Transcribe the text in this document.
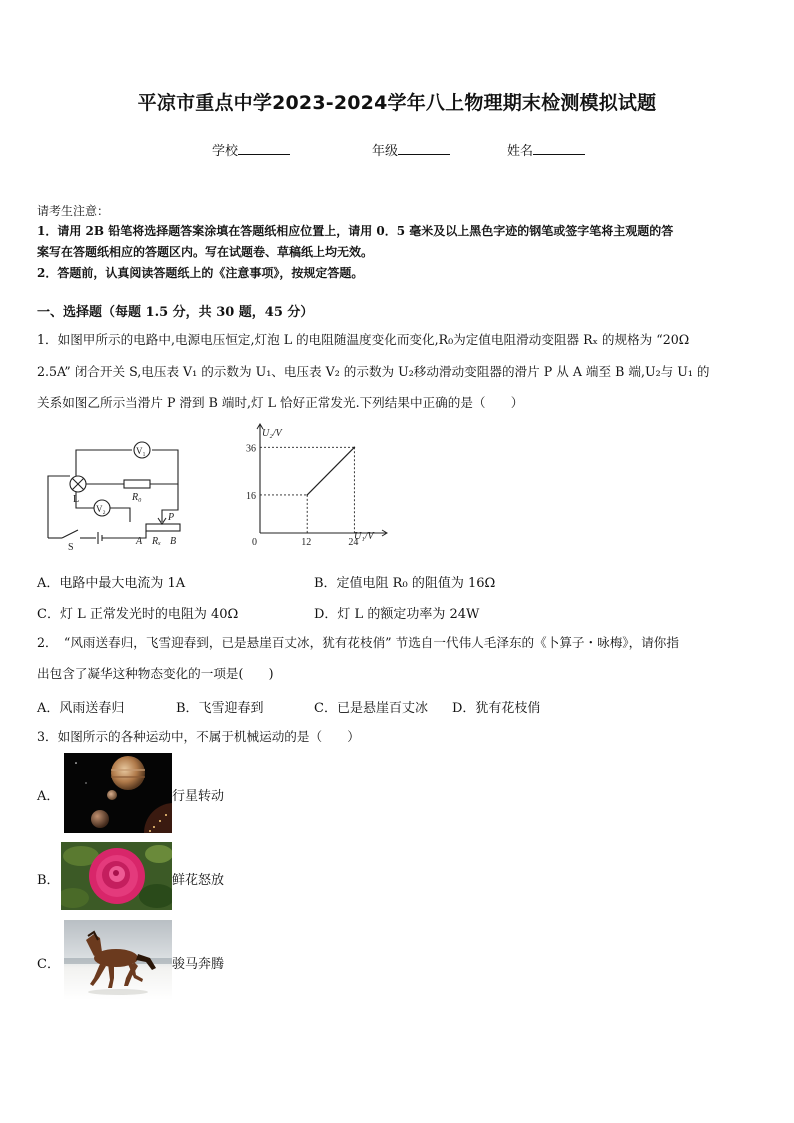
平凉市重点中学2023-2024学年八上物理期末检测模拟试题
学校	年级	姓名
请考生注意：
1．请用 2B 铅笔将选择题答案涂填在答题纸相应位置上，请用 0．5 毫米及以上黑色字迹的钢笔或签字笔将主观题的答
案写在答题纸相应的答题区内。写在试题卷、草稿纸上均无效。
2．答题前，认真阅读答题纸上的《注意事项》，按规定答题。
一、选择题（每题 1.5 分，共 30 题，45 分）
1．如图甲所示的电路中,电源电压恒定,灯泡 L 的电阻随温度变化而变化,R₀为定值电阻滑动变阻器 Rₓ 的规格为 “20Ω
2.5A” 闭合开关 S,电压表 V₁ 的示数为 U₁、电压表 V₂ 的示数为 U₂移动滑动变阻器的滑片 P 从 A 端至 B 端,U₂与 U₁ 的
关系如图乙所示当滑片 P 滑到 B 端时,灯 L 恰好正常发光.下列结果中正确的是（　　）
V₁
L	R₀
V₂
P
S
A Rₓ B	0	12	24
16
36
U₂/V
U₁/V
A．电路中最大电流为 1A	B．定值电阻 R₀ 的阻值为 16Ω
C．灯 L 正常发光时的电阻为 40Ω	D．灯 L 的额定功率为 24W
2．　“风雨送春归，飞雪迎春到，已是悬崖百丈冰，犹有花枝俏” 节选自一代伟人毛泽东的《卜算子・咏梅》，请你指
出包含了凝华这种物态变化的一项是(　　)
A．风雨送春归	B．飞雪迎春到	C．已是悬崖百丈冰 D．犹有花枝俏
3．如图所示的各种运动中，不属于机械运动的是（　　）
A．	行星转动
B．	鲜花怒放
C．	骏马奔腾
